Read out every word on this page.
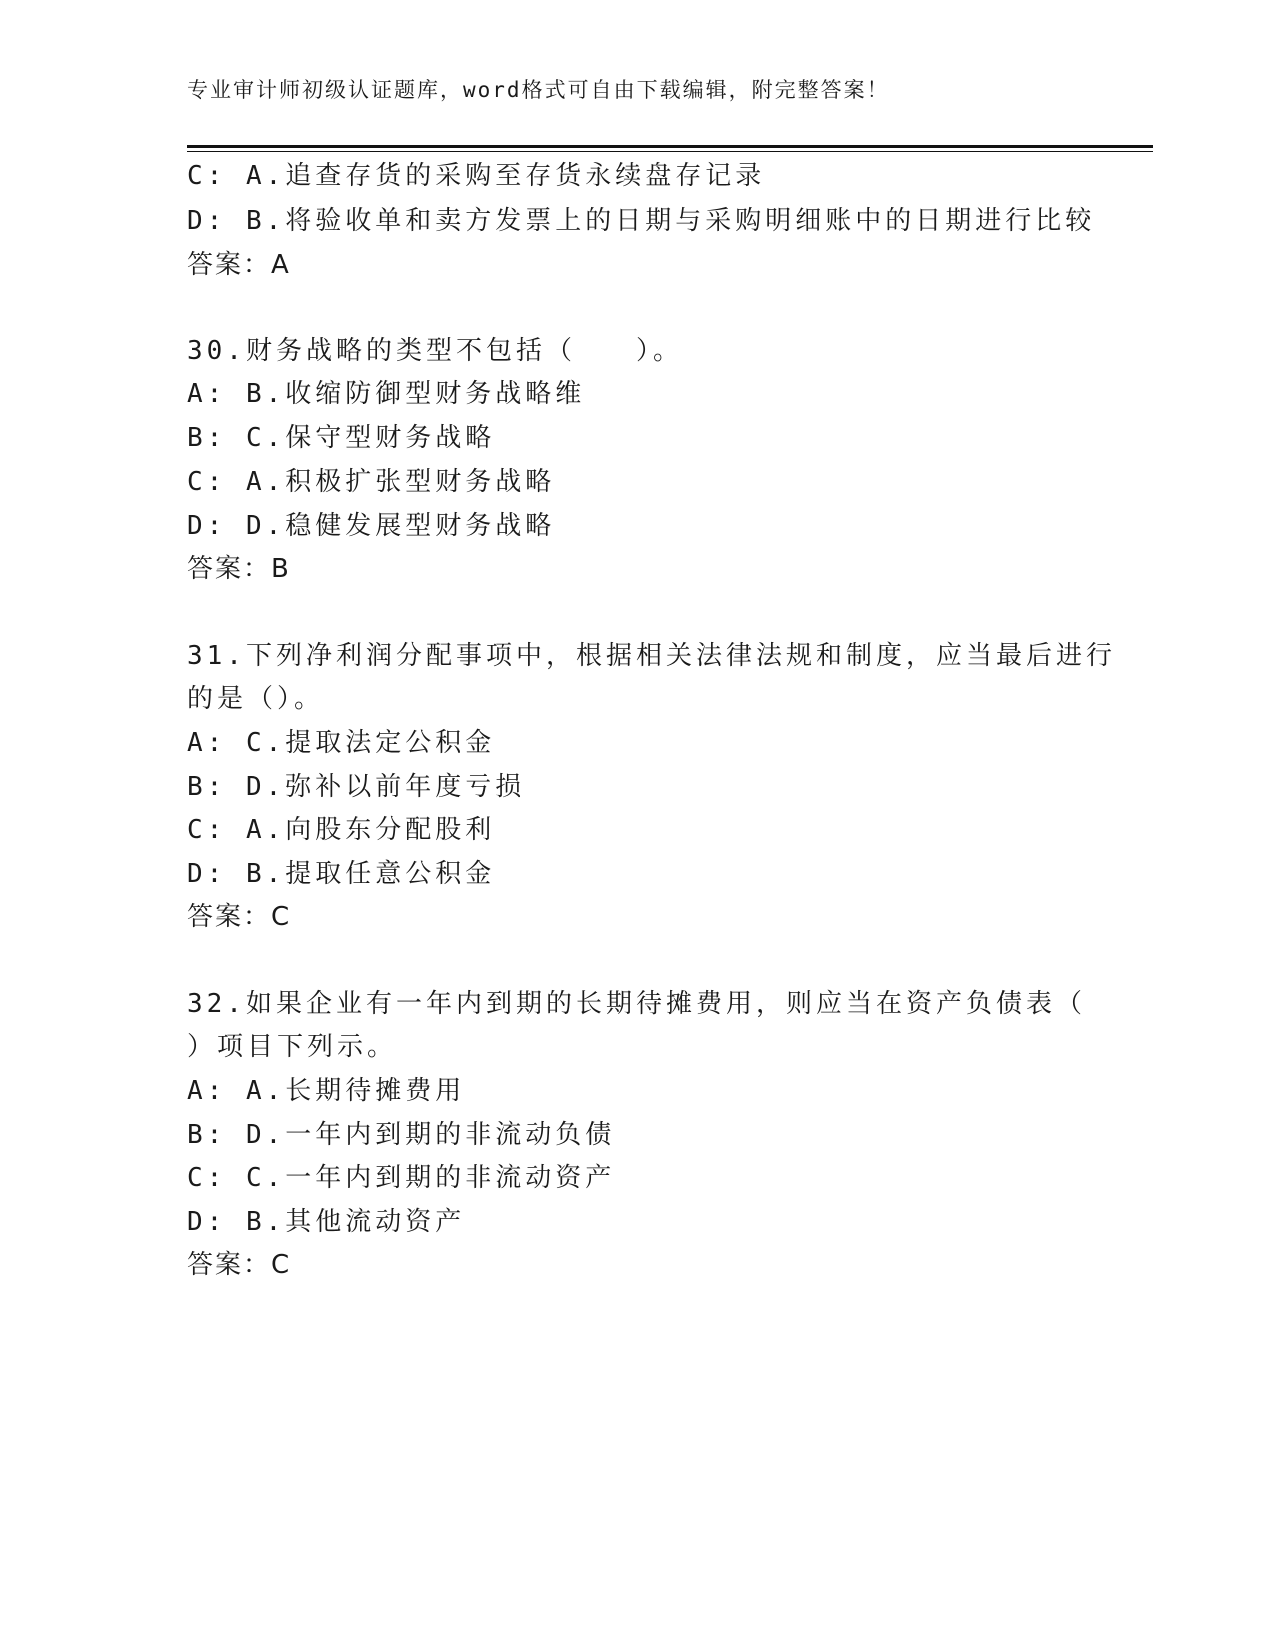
专业审计师初级认证题库，word格式可自由下载编辑，附完整答案！
C: A.追查存货的采购至存货永续盘存记录
D: B.将验收单和卖方发票上的日期与采购明细账中的日期进行比较
答案：A
30.财务战略的类型不包括（　　）。
A: B.收缩防御型财务战略维
B: C.保守型财务战略
C: A.积极扩张型财务战略
D: D.稳健发展型财务战略
答案：B
31.下列净利润分配事项中，根据相关法律法规和制度，应当最后进行
的是（）。
A: C.提取法定公积金
B: D.弥补以前年度亏损
C: A.向股东分配股利
D: B.提取任意公积金
答案：C
32.如果企业有一年内到期的长期待摊费用，则应当在资产负债表（
）项目下列示。
A: A.长期待摊费用
B: D.一年内到期的非流动负债
C: C.一年内到期的非流动资产
D: B.其他流动资产
答案：C
